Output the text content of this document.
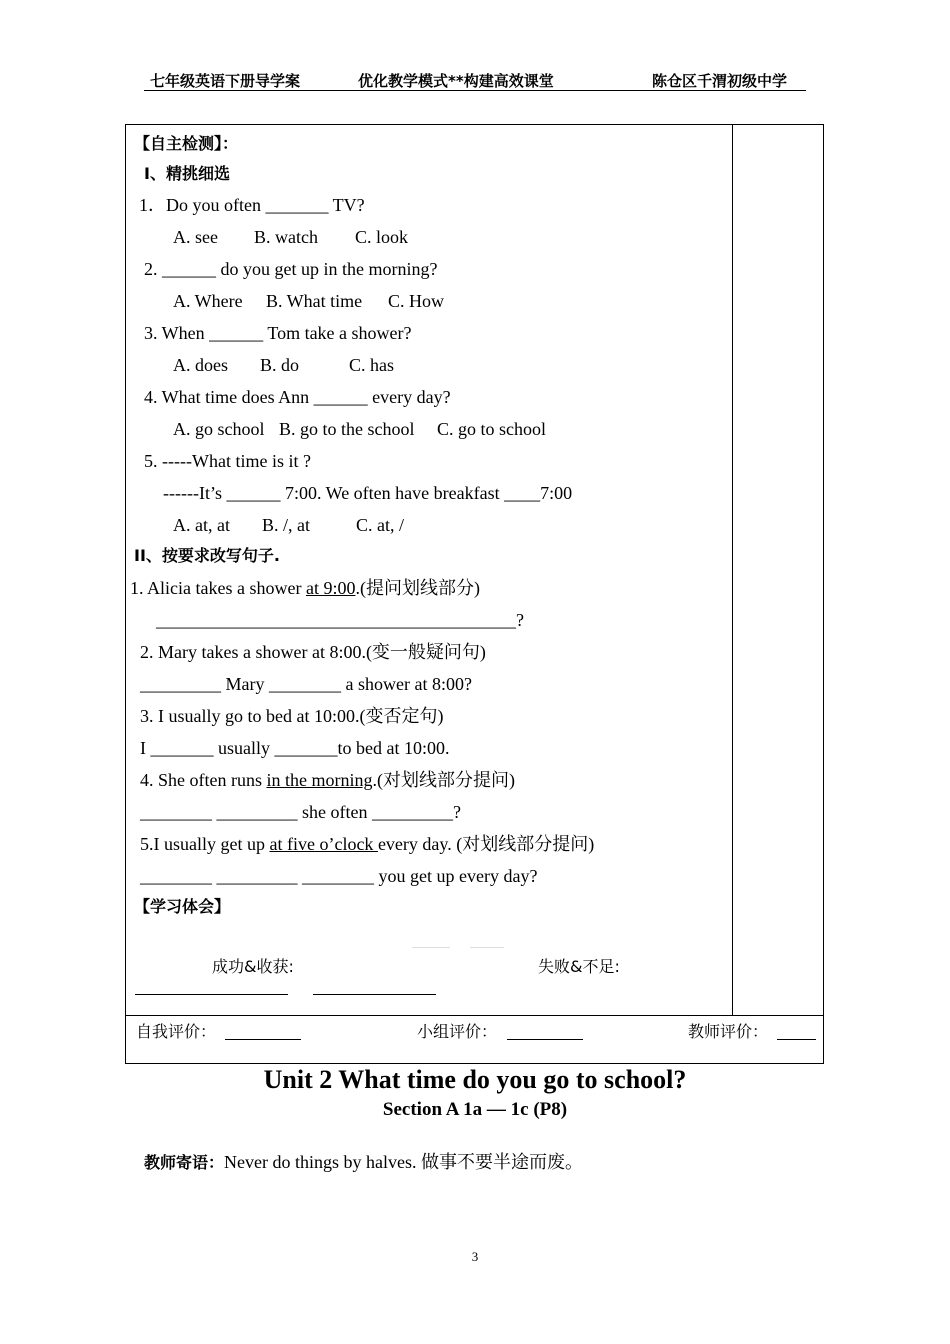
七年级英语下册导学案	优化教学模式**构建高效课堂	陈仓区千渭初级中学
【自主检测】：
I、精挑细选
1．Do you often _______ TV?
A. see B. watch C. look
2. ______ do you get up in the morning?
A. Where B. What time C. How
3. When ______ Tom take a shower?
A. does B. do	C. has
4. What time does Ann ______ every day?
A. go school B. go to the school C. go to school
5. -----What time is it ?
------It’s ______ 7:00. We often have breakfast ____7:00
A. at, at B. /, at	C. at, /
II、按要求改写句子.
1. Alicia takes a shower at 9:00.(提问划线部分)
________________________________________?
2. Mary takes a shower at 8:00.(变一般疑问句)
_________ Mary ________ a shower at 8:00?
3. I usually go to bed at 10:00.(变否定句)
I _______ usually _______to bed at 10:00.
4. She often runs in the morning.(对划线部分提问)
________ _________ she often _________?
5.I usually get up at five o’clock every day. (对划线部分提问)
________ _________ ________ you get up every day?
【学习体会】
成功&收获:	失败&不足:
自我评价：	小组评价：	教师评价：
Unit 2 What time do you go to school?
Section A 1a — 1c (P8)
教师寄语：Never do things by halves. 做事不要半途而废。
3
